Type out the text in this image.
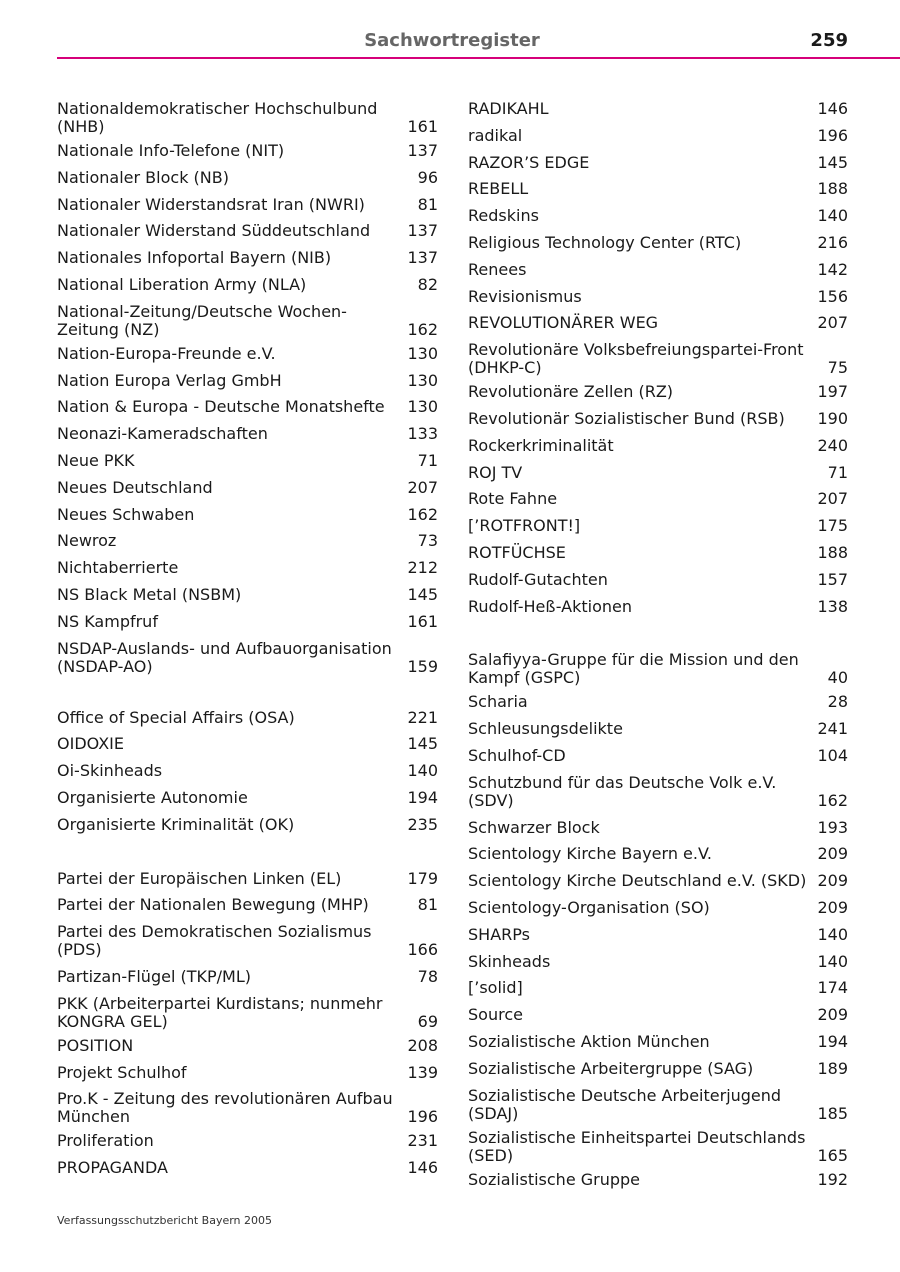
Sachwortregister	259
Nationaldemokratischer Hochschulbund (NHB)	161
Nationale Info-Telefone (NIT)	137
Nationaler Block (NB)	96
Nationaler Widerstandsrat Iran (NWRI)	81
Nationaler Widerstand Süddeutschland	137
Nationales Infoportal Bayern (NIB)	137
National Liberation Army (NLA)	82
National-Zeitung/Deutsche Wochen-Zeitung (NZ)	162
Nation-Europa-Freunde e.V.	130
Nation Europa Verlag GmbH	130
Nation & Europa - Deutsche Monatshefte	130
Neonazi-Kameradschaften	133
Neue PKK	71
Neues Deutschland	207
Neues Schwaben	162
Newroz	73
Nichtaberrierte	212
NS Black Metal (NSBM)	145
NS Kampfruf	161
NSDAP-Auslands- und Aufbauorganisation (NSDAP-AO)	159
Office of Special Affairs (OSA)	221
OIDOXIE	145
Oi-Skinheads	140
Organisierte Autonomie	194
Organisierte Kriminalität (OK)	235
Partei der Europäischen Linken (EL)	179
Partei der Nationalen Bewegung (MHP)	81
Partei des Demokratischen Sozialismus (PDS)	166
Partizan-Flügel (TKP/ML)	78
PKK (Arbeiterpartei Kurdistans; nunmehr KONGRA GEL)	69
POSITION	208
Projekt Schulhof	139
Pro.K - Zeitung des revolutionären Aufbau München	196
Proliferation	231
PROPAGANDA	146
RADIKAHL	146
radikal	196
RAZOR’S EDGE	145
REBELL	188
Redskins	140
Religious Technology Center (RTC)	216
Renees	142
Revisionismus	156
REVOLUTIONÄRER WEG	207
Revolutionäre Volksbefreiungspartei-Front (DHKP-C)	75
Revolutionäre Zellen (RZ)	197
Revolutionär Sozialistischer Bund (RSB)	190
Rockerkriminalität	240
ROJ TV	71
Rote Fahne	207
[’ROTFRONT!]	175
ROTFÜCHSE	188
Rudolf-Gutachten	157
Rudolf-Heß-Aktionen	138
Salafiyya-Gruppe für die Mission und den Kampf (GSPC)	40
Scharia	28
Schleusungsdelikte	241
Schulhof-CD	104
Schutzbund für das Deutsche Volk e.V. (SDV)	162
Schwarzer Block	193
Scientology Kirche Bayern e.V.	209
Scientology Kirche Deutschland e.V. (SKD) 209
Scientology-Organisation (SO)	209
SHARPs	140
Skinheads	140
[’solid]	174
Source	209
Sozialistische Aktion München	194
Sozialistische Arbeitergruppe (SAG)	189
Sozialistische Deutsche Arbeiterjugend (SDAJ)	185
Sozialistische Einheitspartei Deutschlands (SED)	165
Sozialistische Gruppe	192
Verfassungsschutzbericht Bayern 2005
